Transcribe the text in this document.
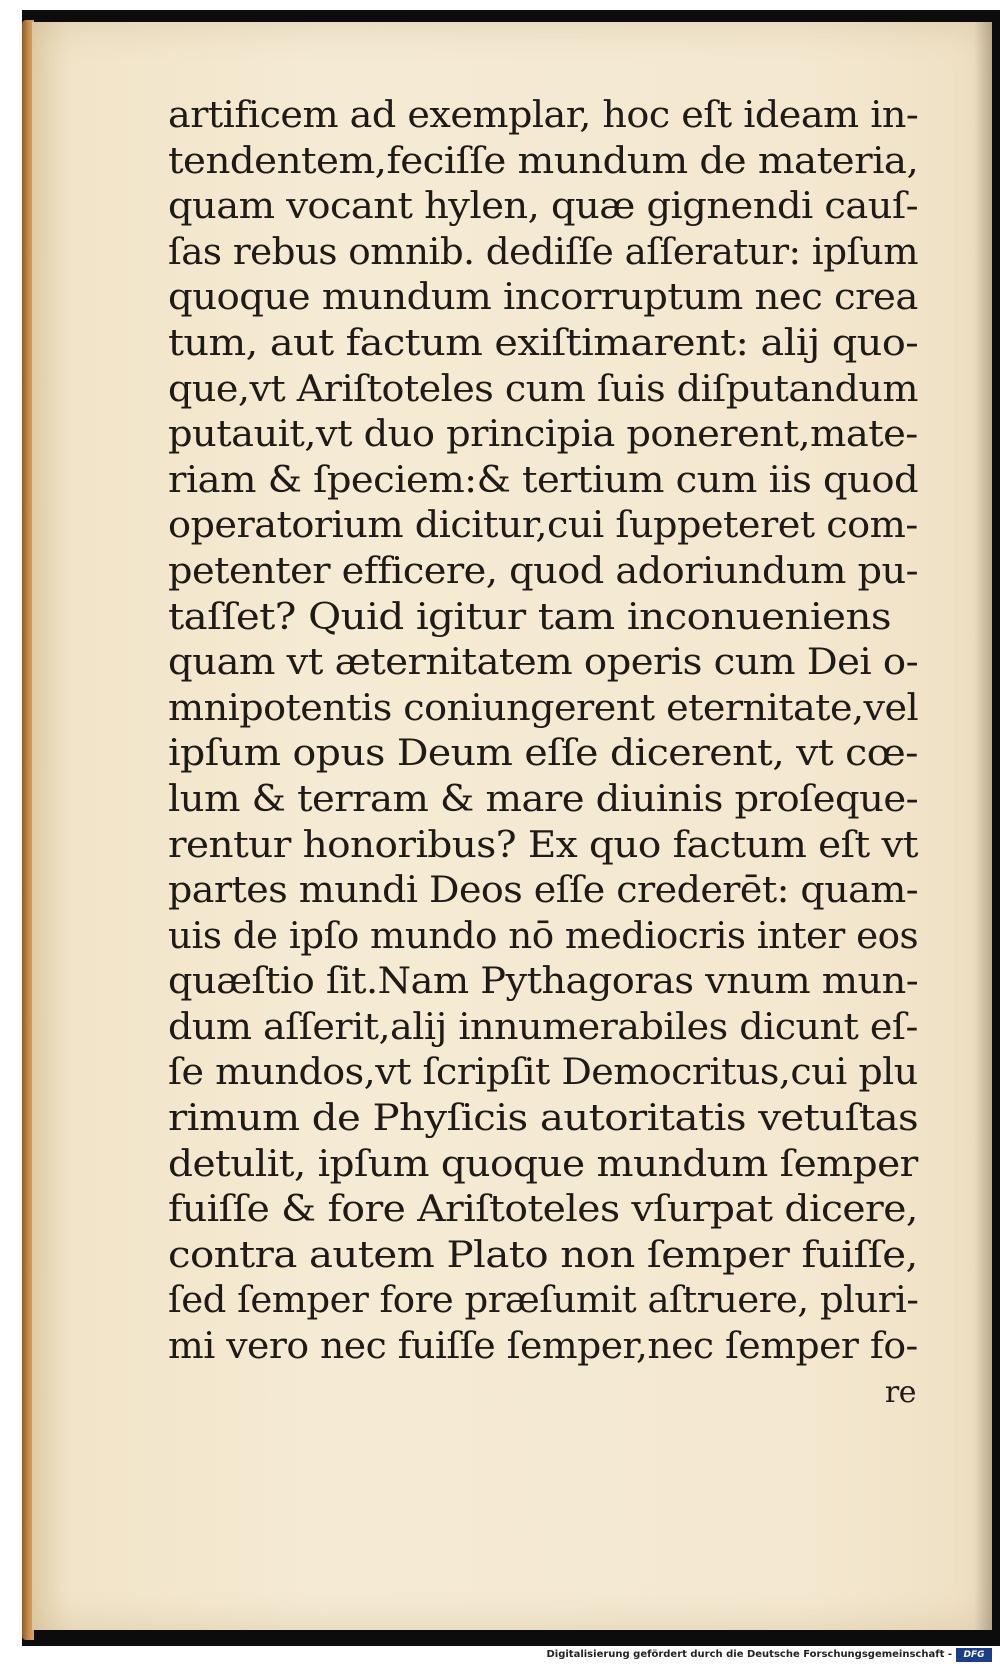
artificem ad exemplar, hoc eſt ideam in-
tendentem,feciſſe mundum de materia,
quam vocant hylen, quæ gignendi cauſ-
ſas rebus omnib. dediſſe aſſeratur: ipſum
quoque mundum incorruptum nec crea
tum, aut factum exiſtimarent: alij quo-
que,vt Ariſtoteles cum ſuis diſputandum
putauit,vt duo principia ponerent,mate-
riam & ſpeciem:& tertium cum iis quod
operatorium dicitur,cui ſuppeteret com-
petenter efficere, quod adoriundum pu-
taſſet? Quid igitur tam inconueniens
quam vt æternitatem operis cum Dei o-
mnipotentis coniungerent eternitate,vel
ipſum opus Deum eſſe dicerent, vt cœ-
lum & terram & mare diuinis proſeque-
rentur honoribus? Ex quo factum eſt vt
partes mundi Deos eſſe crederēt: quam-
uis de ipſo mundo nō mediocris inter eos
quæſtio ſit.Nam Pythagoras vnum mun-
dum aſſerit,alij innumerabiles dicunt eſ-
ſe mundos,vt ſcripſit Democritus,cui plu
rimum de Phyſicis autoritatis vetuſtas
detulit, ipſum quoque mundum ſemper
fuiſſe & fore Ariſtoteles vſurpat dicere,
contra autem Plato non ſemper fuiſſe,
ſed ſemper fore præſumit aſtruere, pluri-
mi vero nec fuiſſe ſemper,nec ſemper fo-
re
Digitalisierung gefördert durch die Deutsche Forschungsgemeinschaft -	DFG
